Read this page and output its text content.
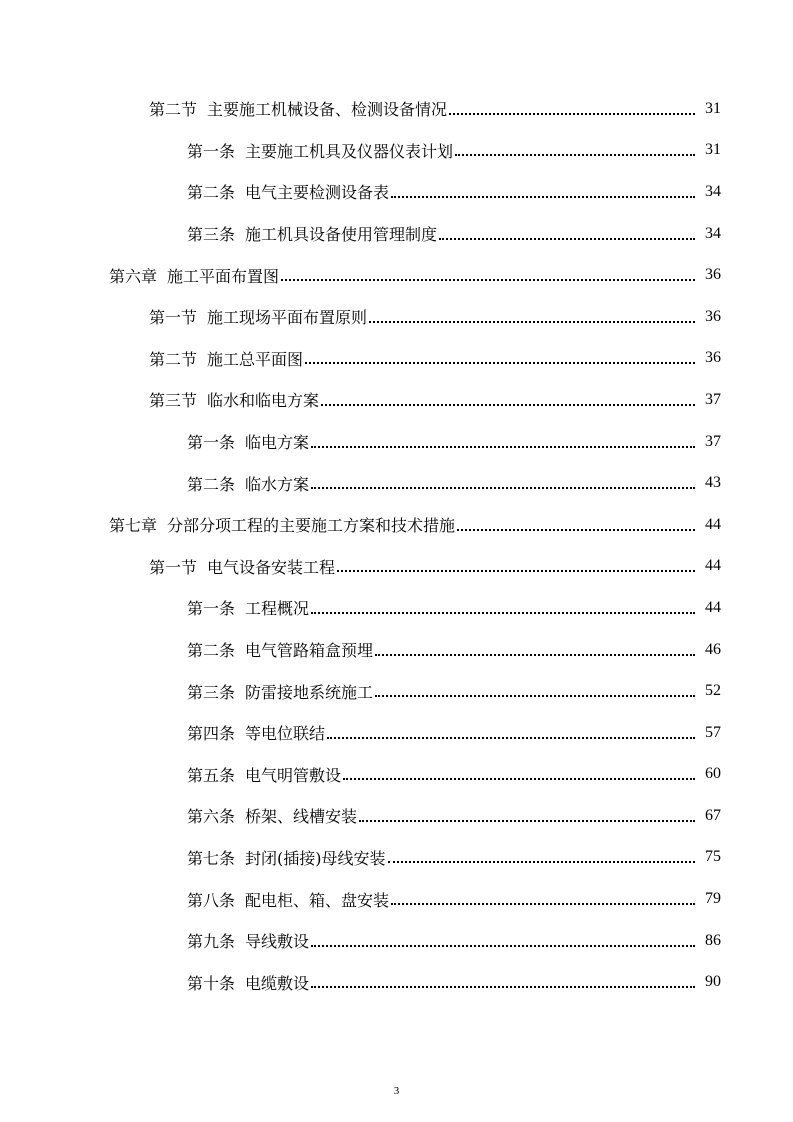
第二节 主要施工机械设备、检测设备情况	31
第一条 主要施工机具及仪器仪表计划	31
第二条 电气主要检测设备表	34
第三条 施工机具设备使用管理制度	34
第六章 施工平面布置图	36
第一节 施工现场平面布置原则	36
第二节 施工总平面图	36
第三节 临水和临电方案	37
第一条 临电方案	37
第二条 临水方案	43
第七章 分部分项工程的主要施工方案和技术措施	44
第一节 电气设备安装工程	44
第一条 工程概况	44
第二条 电气管路箱盒预埋	46
第三条 防雷接地系统施工	52
第四条 等电位联结	57
第五条 电气明管敷设	60
第六条 桥架、线槽安装	67
第七条 封闭(插接)母线安装	75
第八条 配电柜、箱、盘安装	79
第九条 导线敷设	86
第十条 电缆敷设	90
3
